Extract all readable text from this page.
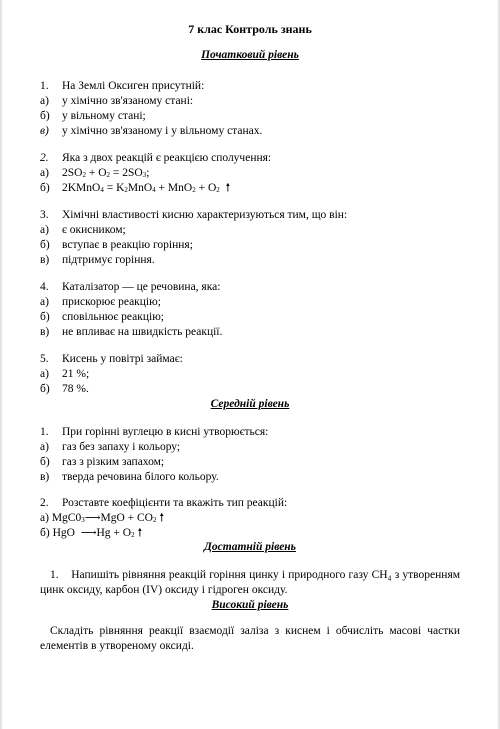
7 клас Контроль знань
Початковий рівень
1. На Землі Оксиген присутній:
а) у хімічно зв'язаному стані:
б) у вільному стані;
в) у хімічно зв'язаному і у вільному станах.
2. Яка з двох реакцій є реакцією сполучення:
а) $2SO_2 + O_2 = 2SO_3$;
б) 2KMnO$_4$ = $K_2MnO_4 + MnO_2 + O_2$ 🠕
3. Хімічні властивості кисню характеризуються тим, що він:
а) є окисником;
б) вступає в реакцію горіння;
в) підтримує горіння.
4. Каталізатор — це речовина, яка:
а) прискорює реакцію;
б) сповільнює реакцію;
в) не впливає на швидкість реакції.
5. Кисень у повітрі займає:
а) 21 %;
б) 78 %.
Середній рівень
1. При горінні вуглецю в кисні утворюється:
а) газ без запаху і кольору;
б) газ з різким запахом;
в) тверда речовина білого кольору.
2. Розставте коефіцієнти та вкажіть тип реакцій:
а) $MgC0_3⟶MgO + CO_2$ 🠕
б) HgO  ⟶Hg + $O_2$ 🠕
Достатній рівень
1. Напишіть рівняння реакцій горіння цинку і природного газу CH₄ з утворенням цинк оксиду, карбон (IV) оксиду і гідроген оксиду.
Високий рівень
Складіть рівняння реакції взаємодії заліза з киснем і обчисліть масові частки елементів в утвореному оксиді.
